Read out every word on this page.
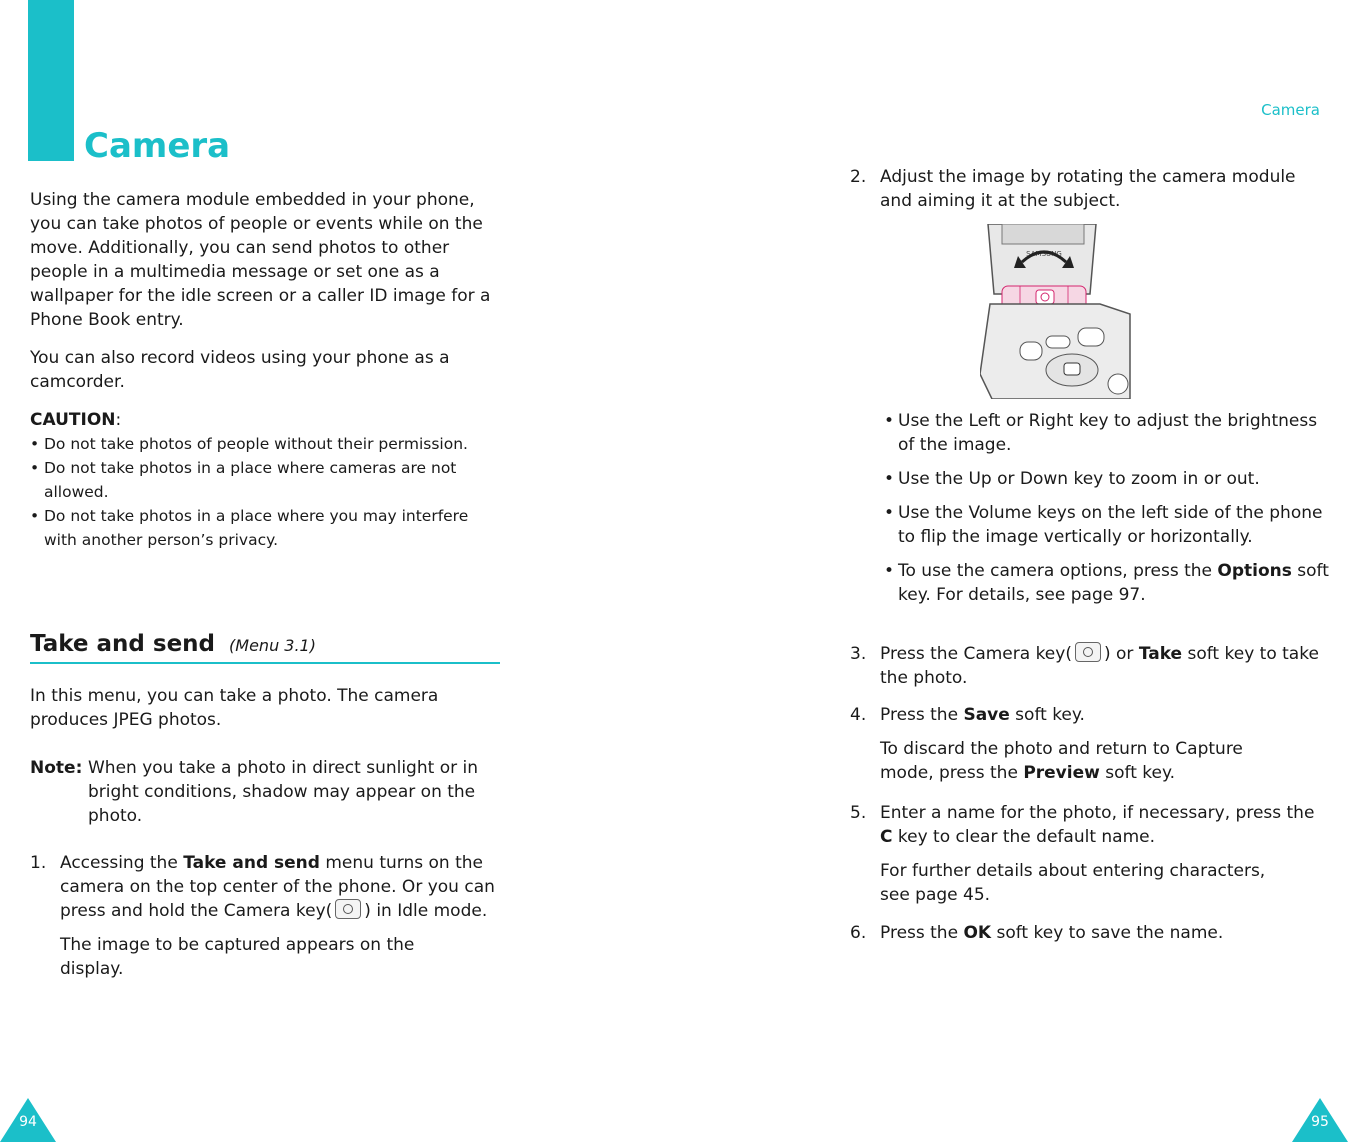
Camera
Using the camera module embedded in your phone, you can take photos of people or events while on the move. Additionally, you can send photos to other people in a multimedia message or set one as a wallpaper for the idle screen or a caller ID image for a Phone Book entry.
You can also record videos using your phone as a camcorder.
CAUTION:
• Do not take photos of people without their permission.
• Do not take photos in a place where cameras are not allowed.
• Do not take photos in a place where you may interfere with another person’s privacy.
Take and send (Menu 3.1)
In this menu, you can take a photo. The camera produces JPEG photos.
Note: When you take a photo in direct sunlight or in bright conditions, shadow may appear on the photo.
1. Accessing the Take and send menu turns on the camera on the top center of the phone. Or you can press and hold the Camera key( ) in Idle mode.
The image to be captured appears on the display.
94
Camera
2. Adjust the image by rotating the camera module and aiming it at the subject.
SAMSUNG
• Use the Left or Right key to adjust the brightness of the image.
• Use the Up or Down key to zoom in or out.
• Use the Volume keys on the left side of the phone to flip the image vertically or horizontally.
• To use the camera options, press the Options soft key. For details, see page 97.
3. Press the Camera key( ) or Take soft key to take the photo.
4. Press the Save soft key.
To discard the photo and return to Capture mode, press the Preview soft key.
5. Enter a name for the photo, if necessary, press the C key to clear the default name.
For further details about entering characters, see page 45.
6. Press the OK soft key to save the name.
95
